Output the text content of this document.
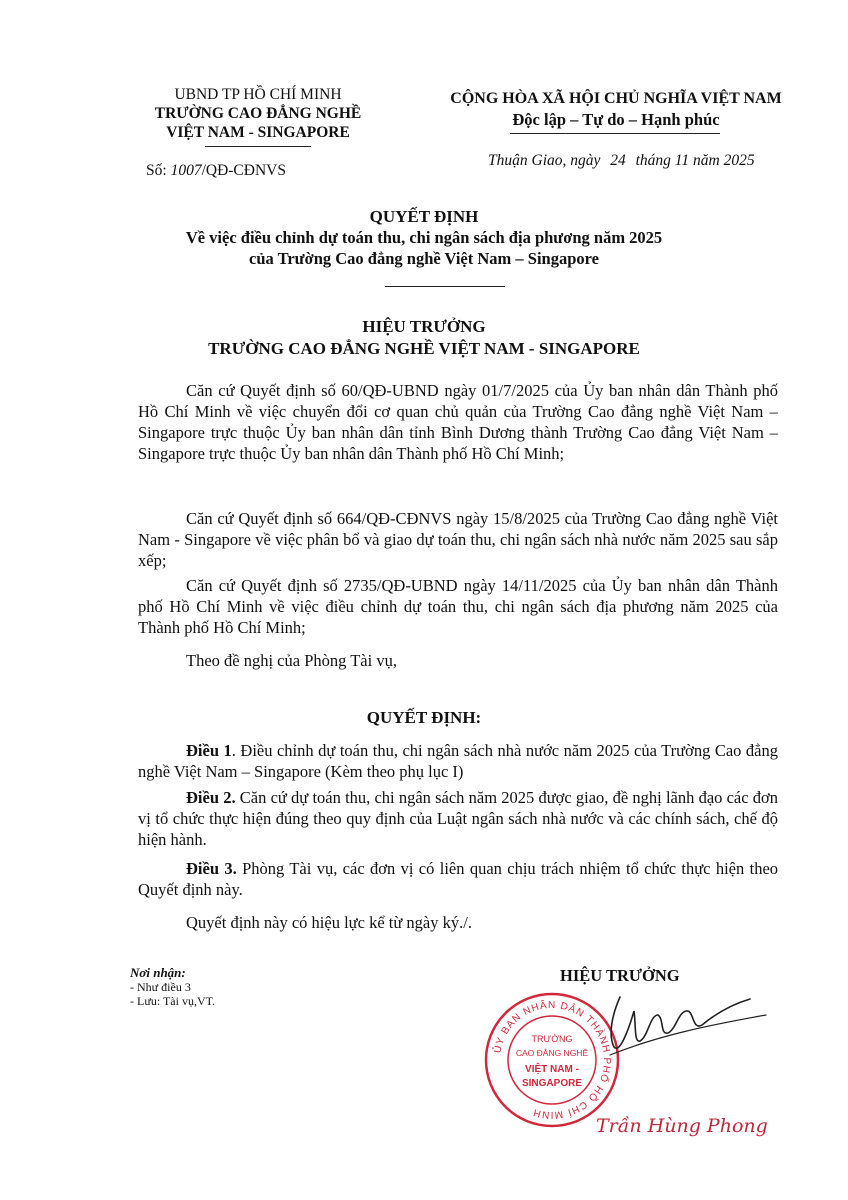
UBND TP HỒ CHÍ MINH
TRƯỜNG CAO ĐẲNG NGHỀ
VIỆT NAM - SINGAPORE
Số: 1007/QĐ-CĐNVS
CỘNG HÒA XÃ HỘI CHỦ NGHĨA VIỆT NAM
Độc lập – Tự do – Hạnh phúc
Thuận Giao, ngày 24 tháng 11 năm 2025
QUYẾT ĐỊNH
Về việc điều chỉnh dự toán thu, chi ngân sách địa phương năm 2025
của Trường Cao đẳng nghề Việt Nam – Singapore
HIỆU TRƯỞNG
TRƯỜNG CAO ĐẲNG NGHỀ VIỆT NAM - SINGAPORE
Căn cứ Quyết định số 60/QĐ-UBND ngày 01/7/2025 của Ủy ban nhân dân Thành phố Hồ Chí Minh về việc chuyển đổi cơ quan chủ quản của Trường Cao đẳng nghề Việt Nam – Singapore trực thuộc Ủy ban nhân dân tỉnh Bình Dương thành Trường Cao đẳng Việt Nam – Singapore trực thuộc Ủy ban nhân dân Thành phố Hồ Chí Minh;
Căn cứ Quyết định số 664/QĐ-CĐNVS ngày 15/8/2025 của Trường Cao đẳng nghề Việt Nam - Singapore về việc phân bổ và giao dự toán thu, chi ngân sách nhà nước năm 2025 sau sắp xếp;
Căn cứ Quyết định số 2735/QĐ-UBND ngày 14/11/2025 của Ủy ban nhân dân Thành phố Hồ Chí Minh về việc điều chỉnh dự toán thu, chi ngân sách địa phương năm 2025 của Thành phố Hồ Chí Minh;
Theo đề nghị của Phòng Tài vụ,
QUYẾT ĐỊNH:
Điều 1. Điều chỉnh dự toán thu, chi ngân sách nhà nước năm 2025 của Trường Cao đẳng nghề Việt Nam – Singapore (Kèm theo phụ lục I)
Điều 2. Căn cứ dự toán thu, chi ngân sách năm 2025 được giao, đề nghị lãnh đạo các đơn vị tổ chức thực hiện đúng theo quy định của Luật ngân sách nhà nước và các chính sách, chế độ hiện hành.
Điều 3. Phòng Tài vụ, các đơn vị có liên quan chịu trách nhiệm tổ chức thực hiện theo Quyết định này.
Quyết định này có hiệu lực kể từ ngày ký./.
Nơi nhận:
- Như điều 3
- Lưu: Tài vụ,VT.
HIỆU TRƯỞNG
ỦY BAN NHÂN DÂN THÀNH PHỐ HỒ CHÍ MINH
TRƯỜNG
CAO ĐẲNG NGHỀ
VIỆT NAM -
SINGAPORE
Trần Hùng Phong
